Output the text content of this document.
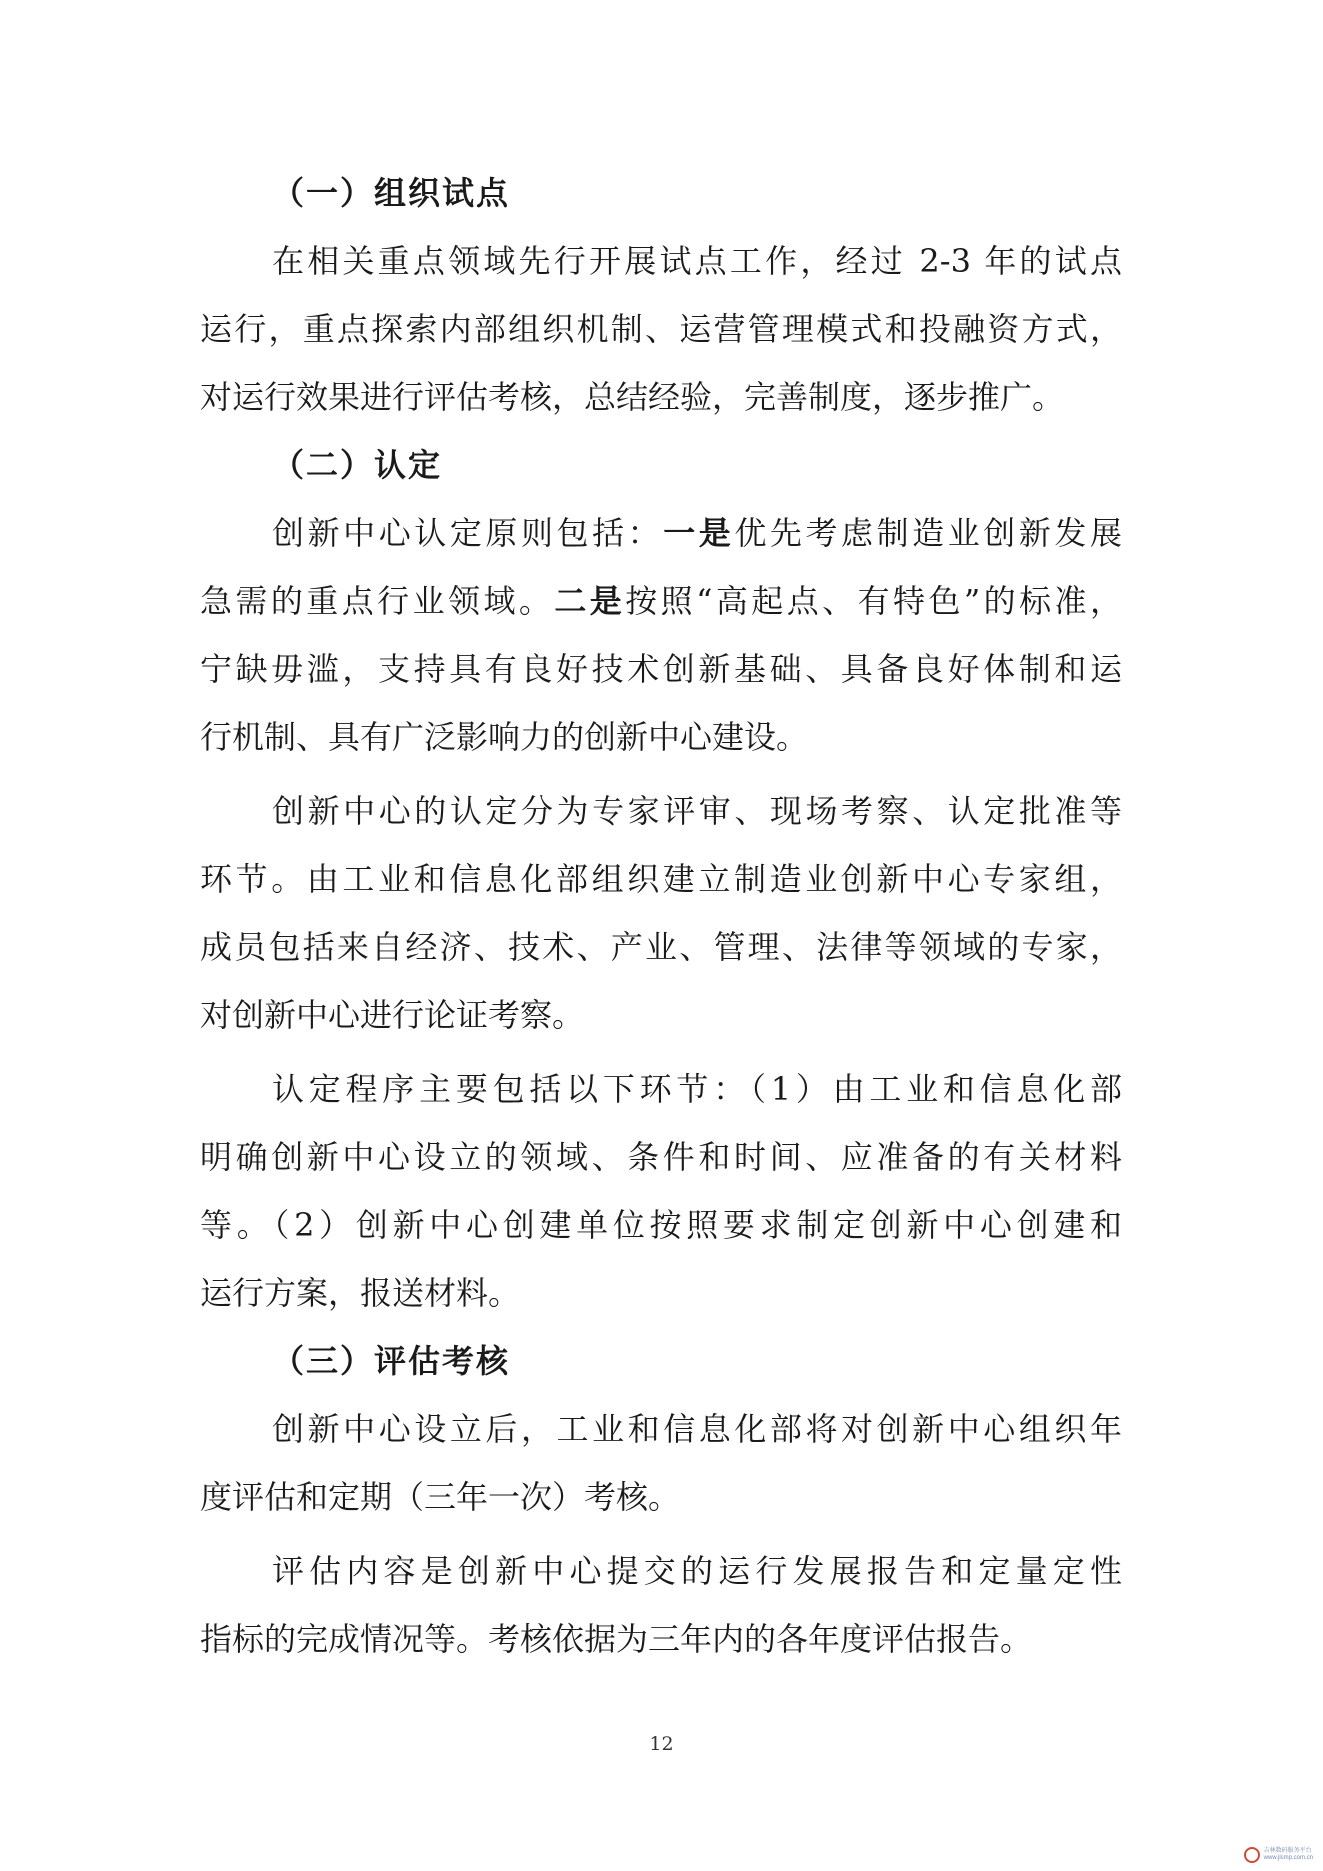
（一）组织试点
在相关重点领域先行开展试点工作，经过 2-3 年的试点
运行，重点探索内部组织机制、运营管理模式和投融资方式，
对运行效果进行评估考核，总结经验，完善制度，逐步推广。
（二）认定
创新中心认定原则包括：一是优先考虑制造业创新发展
急需的重点行业领域。二是按照“高起点、有特色”的标准，
宁缺毋滥，支持具有良好技术创新基础、具备良好体制和运
行机制、具有广泛影响力的创新中心建设。
创新中心的认定分为专家评审、现场考察、认定批准等
环节。由工业和信息化部组织建立制造业创新中心专家组，
成员包括来自经济、技术、产业、管理、法律等领域的专家，
对创新中心进行论证考察。
认定程序主要包括以下环节：（1）由工业和信息化部
明确创新中心设立的领域、条件和时间、应准备的有关材料
等。（2）创新中心创建单位按照要求制定创新中心创建和
运行方案，报送材料。
（三）评估考核
创新中心设立后，工业和信息化部将对创新中心组织年
度评估和定期（三年一次）考核。
评估内容是创新中心提交的运行发展报告和定量定性
指标的完成情况等。考核依据为三年内的各年度评估报告。
12
吉林数码服务平台
www.jlsmp.com.cn
